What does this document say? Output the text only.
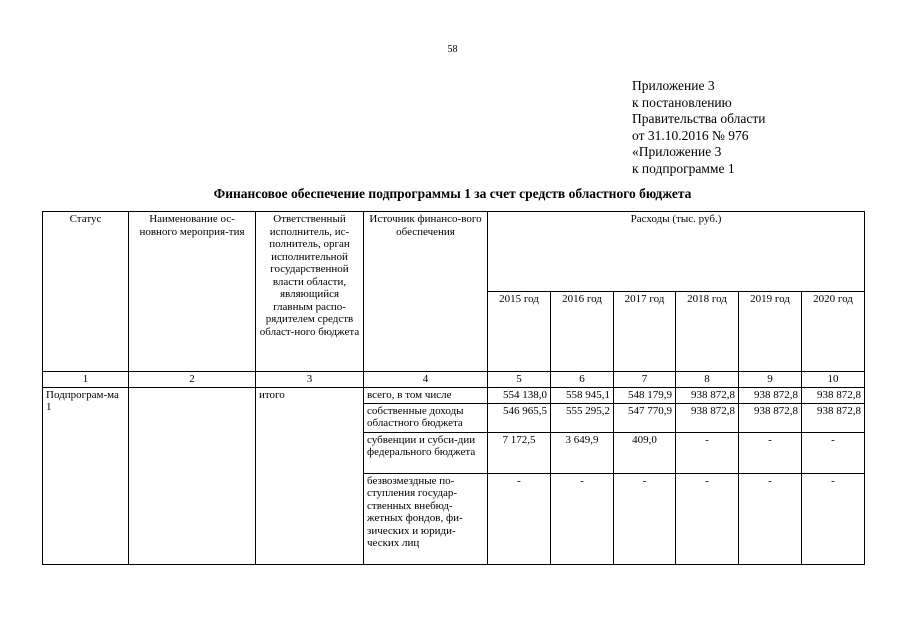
58
Приложение 3
к постановлению
Правительства области
от 31.10.2016 № 976
«Приложение 3
к подпрограмме 1
Финансовое обеспечение подпрограммы 1 за счет средств областного бюджета
Статус	Наименование ос-новного мероприя-тия	Ответственный исполнитель, ис-полнитель, орган исполнительной государственной власти области, являющийся главным распо-рядителем средств област-ного бюджета	Источник финансо-вого обеспечения	Расходы (тыс. руб.)					
				2015 год	2016 год	2017 год	2018 год	2019 год	2020 год
1	2	3	4	5	6	7	8	9	10
Подпрограм-ма 1		итого	всего, в том числе	554 138,0	558 945,1	548 179,9	938 872,8	938 872,8	938 872,8
			собственные доходы областного бюджета	546 965,5	555 295,2	547 770,9	938 872,8	938 872,8	938 872,8
			субвенции и субси-дии федерального бюджета	7 172,5	3 649,9	409,0	-	-	-
			безвозмездные по-ступления государ-ственных внебюд-жетных фондов, фи-зических и юриди-ческих лиц	-	-	-	-	-	-
